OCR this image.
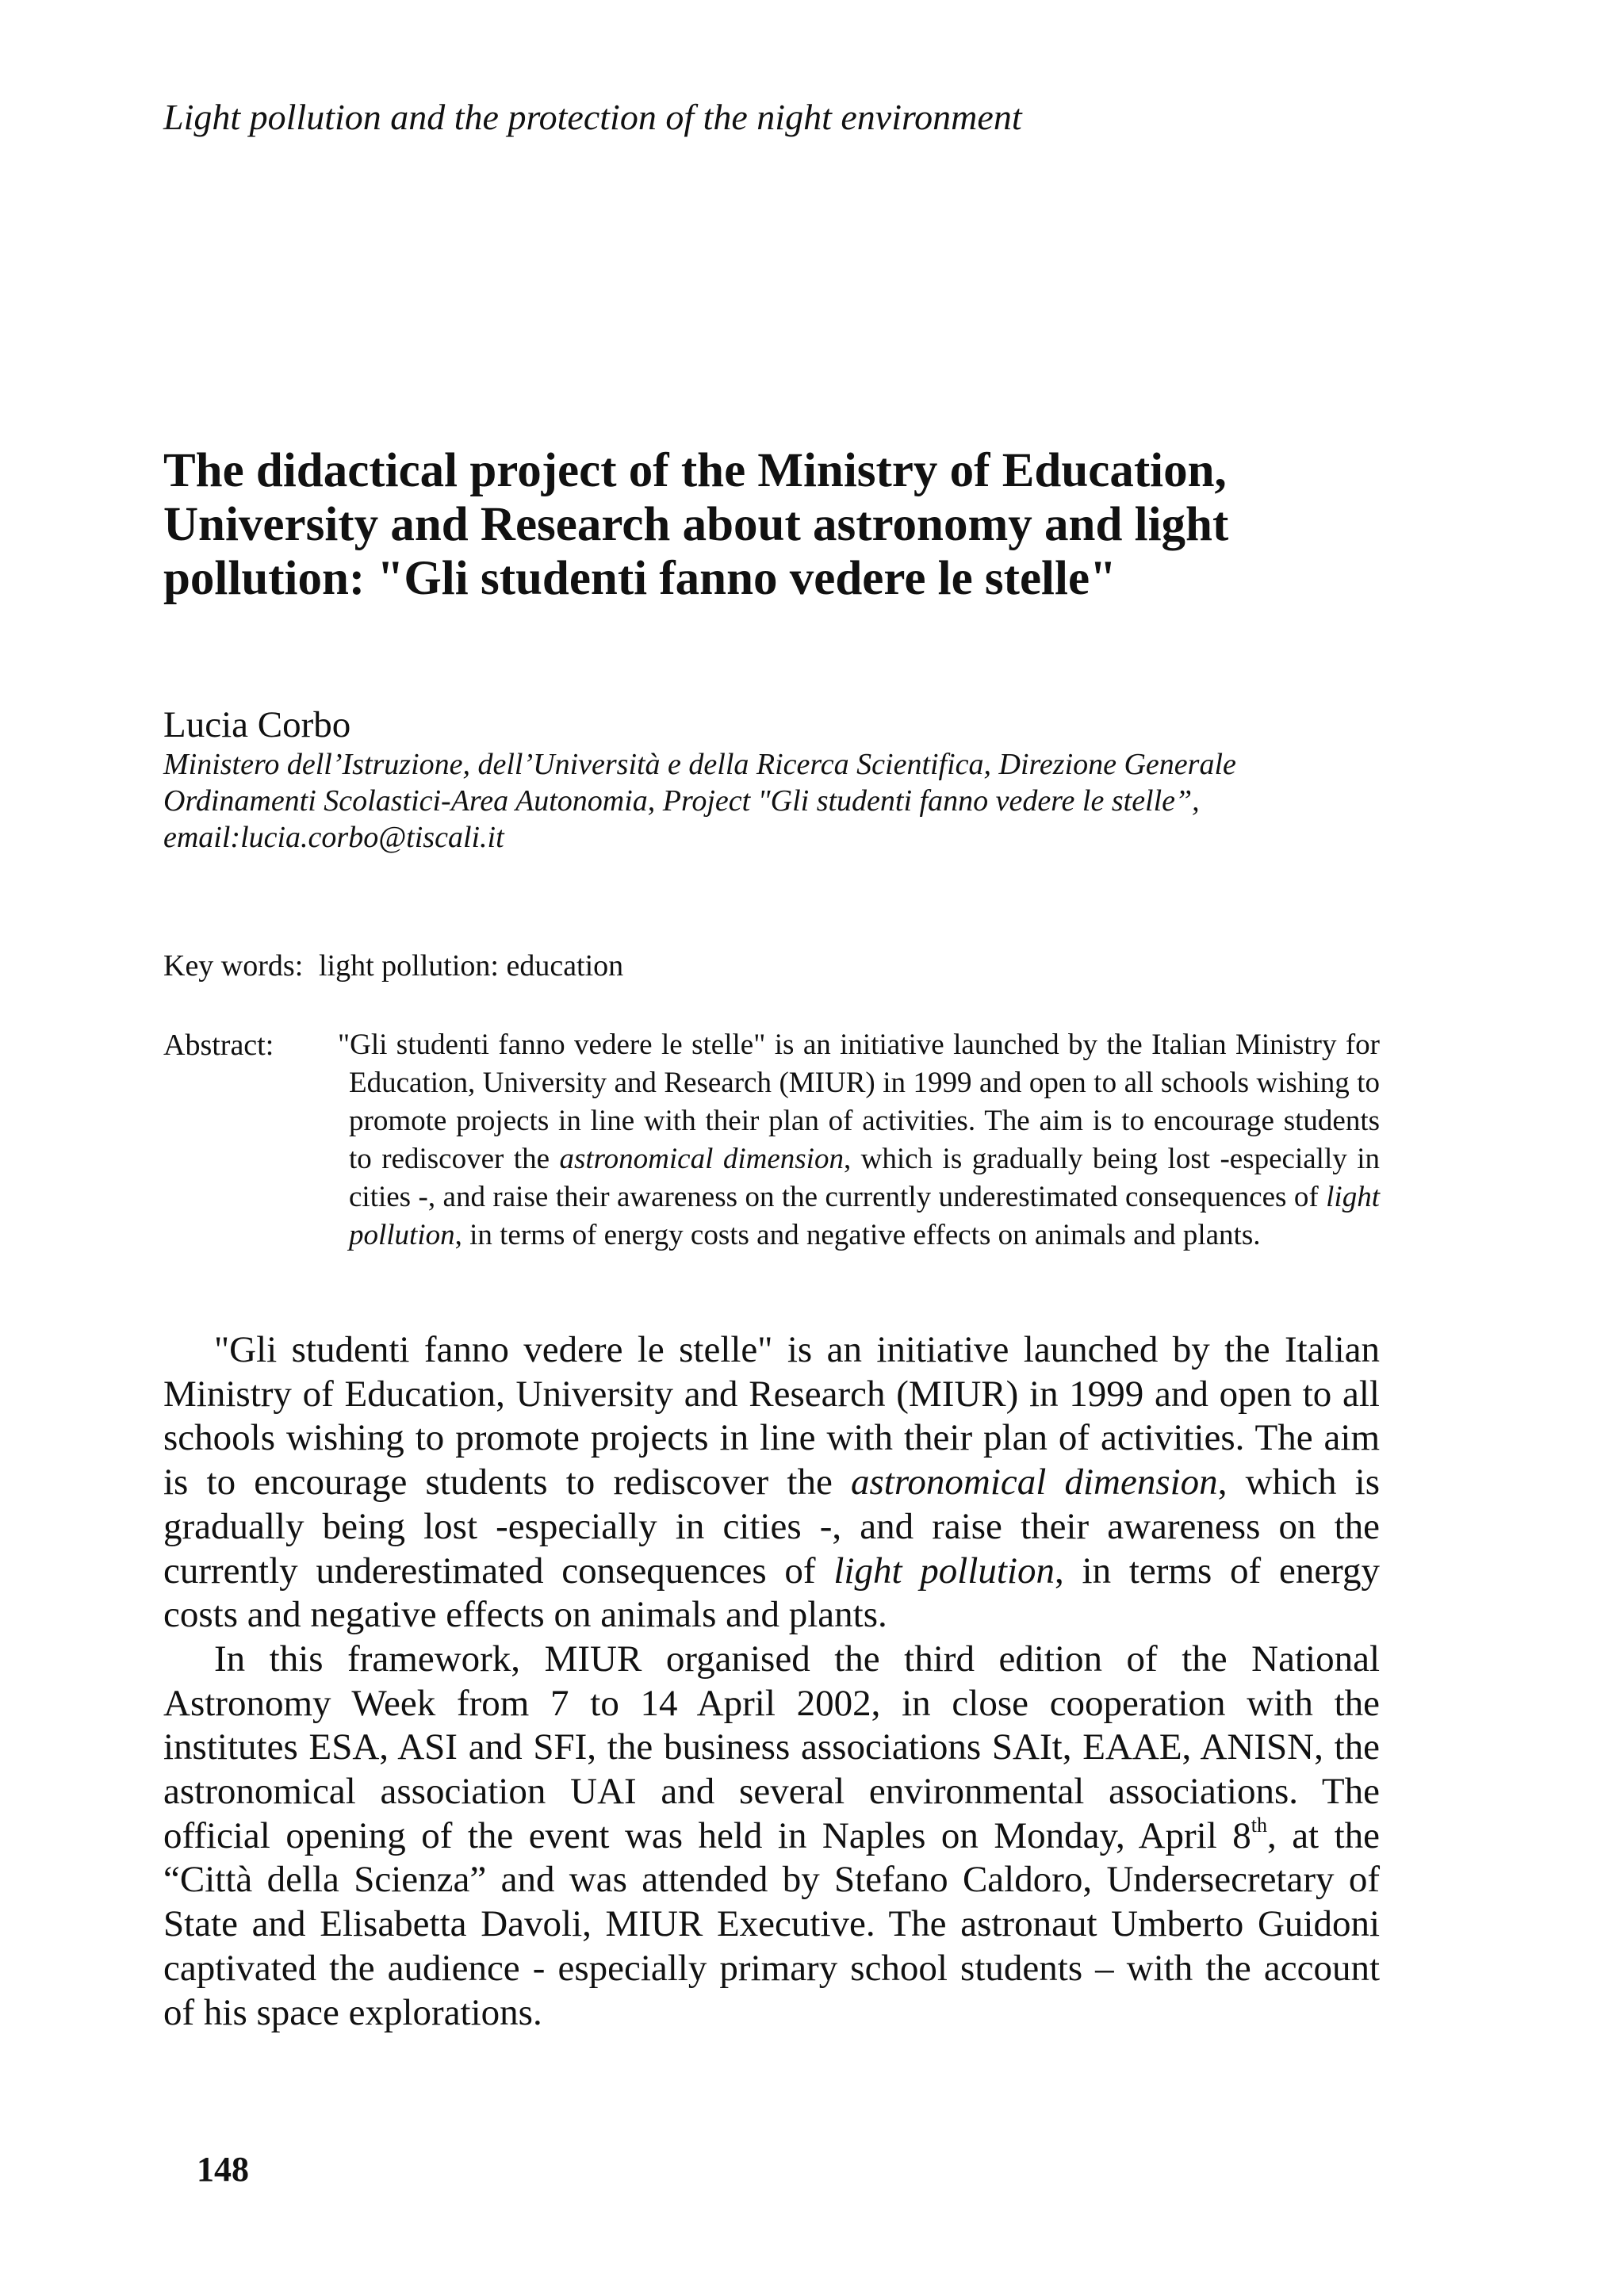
Light pollution and the protection of the night environment
The didactical project of the Ministry of Education,
University and Research about astronomy and light
pollution: "Gli studenti fanno vedere le stelle"
Lucia Corbo
Ministero dell’Istruzione, dell’Università e della Ricerca Scientifica, Direzione Generale
Ordinamenti Scolastici-Area Autonomia, Project "Gli studenti fanno vedere le stelle”,
email:lucia.corbo@tiscali.it
Key words: light pollution: education
Abstract: "Gli studenti fanno vedere le stelle" is an initiative launched by the Italian Ministry for Education, University and Research (MIUR) in 1999 and open to all schools wishing to promote projects in line with their plan of activities. The aim is to encourage students to rediscover the astronomical dimension, which is gradually being lost -especially in cities -, and raise their awareness on the currently underestimated consequences of light pollution, in terms of energy costs and negative effects on animals and plants.

"Gli studenti fanno vedere le stelle" is an initiative launched by the Italian Ministry of Education, University and Research (MIUR) in 1999 and open to all schools wishing to promote projects in line with their plan of activities. The aim is to encourage students to rediscover the astronomical dimension, which is gradually being lost -especially in cities -, and raise their awareness on the currently underestimated consequences of light pollution, in terms of energy costs and negative effects on animals and plants.

In this framework, MIUR organised the third edition of the National Astronomy Week from 7 to 14 April 2002, in close cooperation with the institutes ESA, ASI and SFI, the business associations SAIt, EAAE, ANISN, the astronomical association UAI and several environmental associations. The official opening of the event was held in Naples on Monday, April 8th, at the “Città della Scienza” and was attended by Stefano Caldoro, Undersecretary of State and Elisabetta Davoli, MIUR Executive. The astronaut Umberto Guidoni captivated the audience - especially primary school students – with the account of his space explorations.

148
